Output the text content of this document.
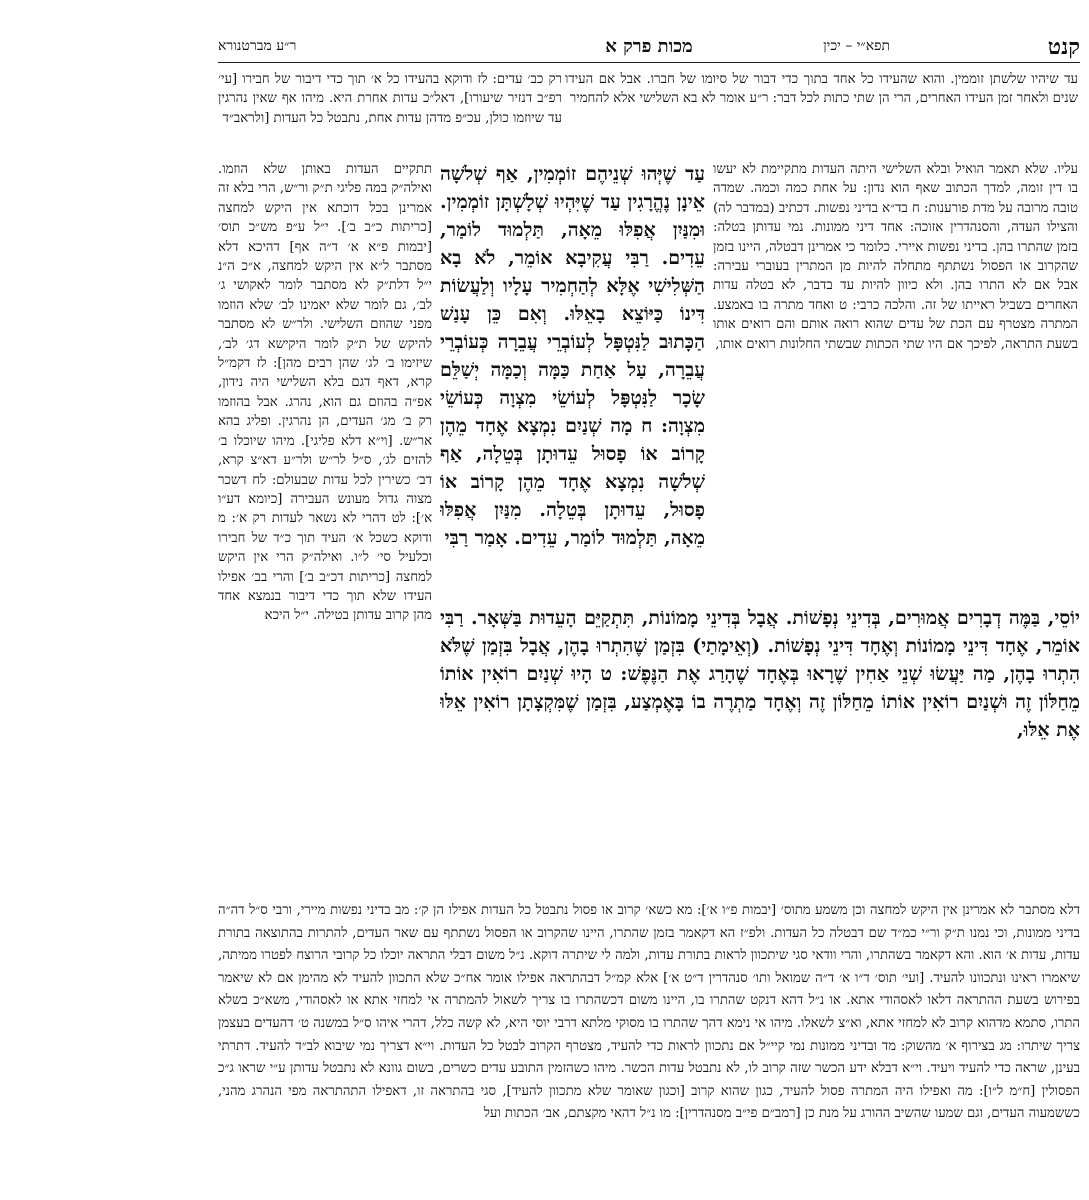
קנט
מכות פרק א	תפא״י – יכין
ר״ע מברטנורא

עד שיהיו שלשתן זוממין. והוא שהעידו כל אחד בתוך כדי דבור של סיומו של חברו. אבל אם העידו שנים ולאחר זמן העידו האחרים, הרי הן שתי כתות לכל דבר: ר״ע אומר לא בא השלישי אלא להחמיר

רק כב׳ עדים: לז ודוקא בהעידו כל א׳ תוך כדי דיבור של חבירו [עי׳ רפ״ב דנזיר שיעורו], דאל״כ עדות אחרת היא. מיהו אף שאין נהרגין עד שיוזמו כולן, עכ״פ מדהן עדות אחת, נתבטל כל העדות [ולראב״ד

עליו. שלא תאמר הואיל ובלא השלישי היתה העדות מתקיימת לא יעשו בו דין זומה, למדך הכתוב שאף הוא נדון: על אחת כמה וכמה. שמדה טובה מרובה על מדת פורענות: ח בד״א בדיני נפשות. דכתיב (במדבר לה) והצילו העדה, והסנהדרין אזוכה: אחד דיני ממונות. נמי עדותן בטלה: בזמן שהתרו בהן. בדיני נפשות איירי. כלומר כי אמרינן דבטלה, היינו בזמן שהקרוב או הפסול נשתתף מתחלה להיות מן המתרין בעוברי עבירה: אבל אם לא התרו בהן. ולא כיוון להיות עד בדבר, לא בטלה עדות האחרים בשביל ראייתו של זה. והלכה כרבי: ט ואחד מתרה בו באמצע. המתרה מצטרף עם הכת של עדים שהוא רואה אותם והם רואים אותו בשעת התראה, לפיכך אם היו שתי הכתות שבשתי החלונות רואים אותו,

עַד שֶׁיְּהוּ שְׁנֵיהֶם זוֹמְמִין, אַף שְׁלשָׁה אֵינָן נֶהֱרָגִין עַד שֶׁיִּהְיוּ שְׁלָשְׁתָּן זוֹמְמִין. וּמִנַּיִן אֲפִלּוּ מֵאָה, תַּלְמוּד לוֹמַר, עֵדִים. רַבִּי עֲקִיבָא אוֹמֵר, לֹא בָא הַשְּׁלִישִׁי אֶלָּא לְהַחְמִיר עָלָיו וְלַעֲשׂוֹת דִּינוֹ כַּיּוֹצֵא בָאֵלּוּ. וְאִם כֵּן עָנַשׁ הַכָּתוּב לַנִּטְפָּל לְעוֹבְרֵי עֲבֵרָה כְּעוֹבְרֵי עֲבֵרָה, עַל אַחַת כַּמָּה וְכַמָּה יְשַׁלֵּם שָׂכָר לַנִּטְפָּל לְעוֹשֵׂי מִצְוָה כְּעוֹשֵׂי מִצְוָה: ח מָה שְׁנַיִם נִמְצָא אֶחָד מֵהֶן קָרוֹב אוֹ פָסוּל עֵדוּתָן בְּטֵלָה, אַף שְׁלשָׁה נִמְצָא אֶחָד מֵהֶן קָרוֹב אוֹ פָסוּל, עֵדוּתָן בְּטֵלָה. מִנַּיִן אֲפִלּוּ מֵאָה, תַּלְמוּד לוֹמַר, עֵדִים. אָמַר רַבִּי

תתקיים העדות באותן שלא הוזמו. ואילה״ק במה פליגי ת״ק ור״ש, הרי בלא זה אמרינן בכל דוכתא אין היקש למחצה [כריתות כ״ב ב׳]. י״ל ע״פ מש״כ תוס׳ [יבמות פ״א א׳ ד״ה אף] דהיכא דלא מסתבר ל״א אין היקש למחצה, א״כ ה״נ י״ל דלת״ק לא מסתבר לומר לאקושי ג׳ לב׳, גם לומר שלא יאמינו לב׳ שלא הוזמו מפני שהוזם השלישי. ולר״ש לא מסתבר להיקש של ת״ק לומר היקישא דג׳ לב׳, שיזימו ב׳ לג׳ שהן רבים מהן]: לז דקמ״ל קרא, דאף דגם בלא השלישי היה נידון, אפ״ה בהוזם גם הוא, נהרג. אבל בהוזמו רק ב׳ מג׳ העדים, הן נהרגין. ופליג בהא אר״ש. [וי״א דלא פליגי]. מיהו שיוכלו ב׳ להזים לג׳, ס״ל לר״ש ולר״ע דא״צ קרא, דב׳ כשירין לכל עדות שבעולם: לח דשכר מצוה גדול מעונש העבירה [כיומא דע״ו א׳]: לט דהרי לא נשאר לעדות רק א׳: מ ודוקא כשכל א׳ העיד תוך כ״ד של חבירו וכלעיל סי׳ ל״ו. ואילה״ק הרי אין היקש למחצה [כריתות דכ״ב ב׳] והרי בב׳ אפילו העידו שלא תוך כדי דיבור בנמצא אחד מהן קרוב עדותן בטילה. י״ל היכא יוֹסֵי, בַּמֶּה דְבָרִים אֲמוּרִים, בְּדִינֵי נְפָשׁוֹת. אֲבָל בְּדִינֵי מָמוֹנוֹת, תִּתְקַיֵּם הָעֵדוּת בַּשְּׁאָר. רַבִּי אוֹמֵר, אֶחָד דִּינֵי מָמוֹנוֹת וְאֶחָד דִּינֵי נְפָשׁוֹת. (וְאֵימָתַי) בִּזְמַן שֶׁהִתְרוּ בָהֶן, אֲבָל בִּזְמַן שֶׁלֹּא הִתְרוּ בָהֶן, מַה יַּעֲשׂוּ שְׁנֵי אַחִין שֶׁרָאוּ בְּאֶחָד שֶׁהָרַג אֶת הַנֶּפֶשׁ: ט הָיוּ שְׁנַיִם רוֹאִין אוֹתוֹ מֵחַלּוֹן זֶה וּשְׁנַיִם רוֹאִין אוֹתוֹ מֵחַלּוֹן זֶה וְאֶחָד מַתְרֶה בוֹ בָּאֶמְצַע, בִּזְמַן שֶׁמִּקְצָתָן רוֹאִין אֵלּוּ אֶת אֵלּוּ,

דלא מסתבר לא אמרינן אין היקש למחצה וכן משמע מתוס׳ [יבמות פ״ו א׳]: מא כשא׳ קרוב או פסול נתבטל כל העדות אפילו הן ק׳: מב בדיני נפשות מיירי, ורבי ס״ל דה״ה בדיני ממונות, וכי נמנו ת״ק ור״י כמ״ד שם דבטלה כל העדות. ולפ״ז הא דקאמר בזמן שהתרו, היינו שהקרוב או הפסול נשתתף עם שאר העדים, להתרות בהתוצאה בתורת עדות, עדות א׳ הוא. והא דקאמר בשהתרו, והרי וודאי סגי שיתכוון לראות בתורת עדות, ולמה לי שיתרה דוקא. נ״ל משום דבלי התראה יוכלו כל קרובי הרוצח לפטרו ממיתה, שיאמרו ראינו ונתכוונו להעיד. [ועי׳ תוס׳ ד״ו א׳ ד״ה שמואל ותו׳ סנהדרין ד״ט א׳] אלא קמ״ל דבהתראה אפילו אומר אח״כ שלא התכוון להעיד לא מהימן אם לא שיאמר בפירוש בשעת ההתראה דלאו לאסהודי אתא. או נ״ל דהא דנקט שהתרו בו, היינו משום דכשהתרו בו צריך לשאול להמתרה אי למחזי אתא או לאסהודי, משא״כ בשלא התרו, סתמא מדהוא קרוב לא למחזי אתא, וא״צ לשאלו. מיהו אי נימא דהך שהתרו בו מסוקי מלתא דרבי יוסי היא, לא קשה כלל, דהרי איהו ס״ל במשנה ט׳ דהעדים בעצמן צריך שיתרו: מג בצירוף א׳ מהשוק: מד ובדיני ממונות נמי קיי״ל אם נתכוון לראות כדי להעיד, מצטרף הקרוב לבטל כל העדות. וי״א דצריך נמי שיבוא לב״ד להעיד. דתרתי בעינן, שראה כדי להעיד ויעיד. וי״א דבלא ידע הכשר שזה קרוב לו, לא נתבטל עדות הכשר. מיהו כשהזמין התובע עדים כשרים, בשום גוונא לא נתבטל עדותן ע״י שראו ג״כ הפסולין [ח״מ ל״ו]: מה ואפילו היה המתרה פסול להעיד, כגון שהוא קרוב [וכגון שאומר שלא מתכוון להעיד], סגי בהתראה זו, דאפילו התהתראה מפי הנהרג מהני, כששמעוה העדים, וגם שמעו שהשיב ההורג על מנת כן [רמב״ם פי״ב מסנהדרין]: מו נ״ל דהאי מקצתם, אב׳ הכתות ועל
